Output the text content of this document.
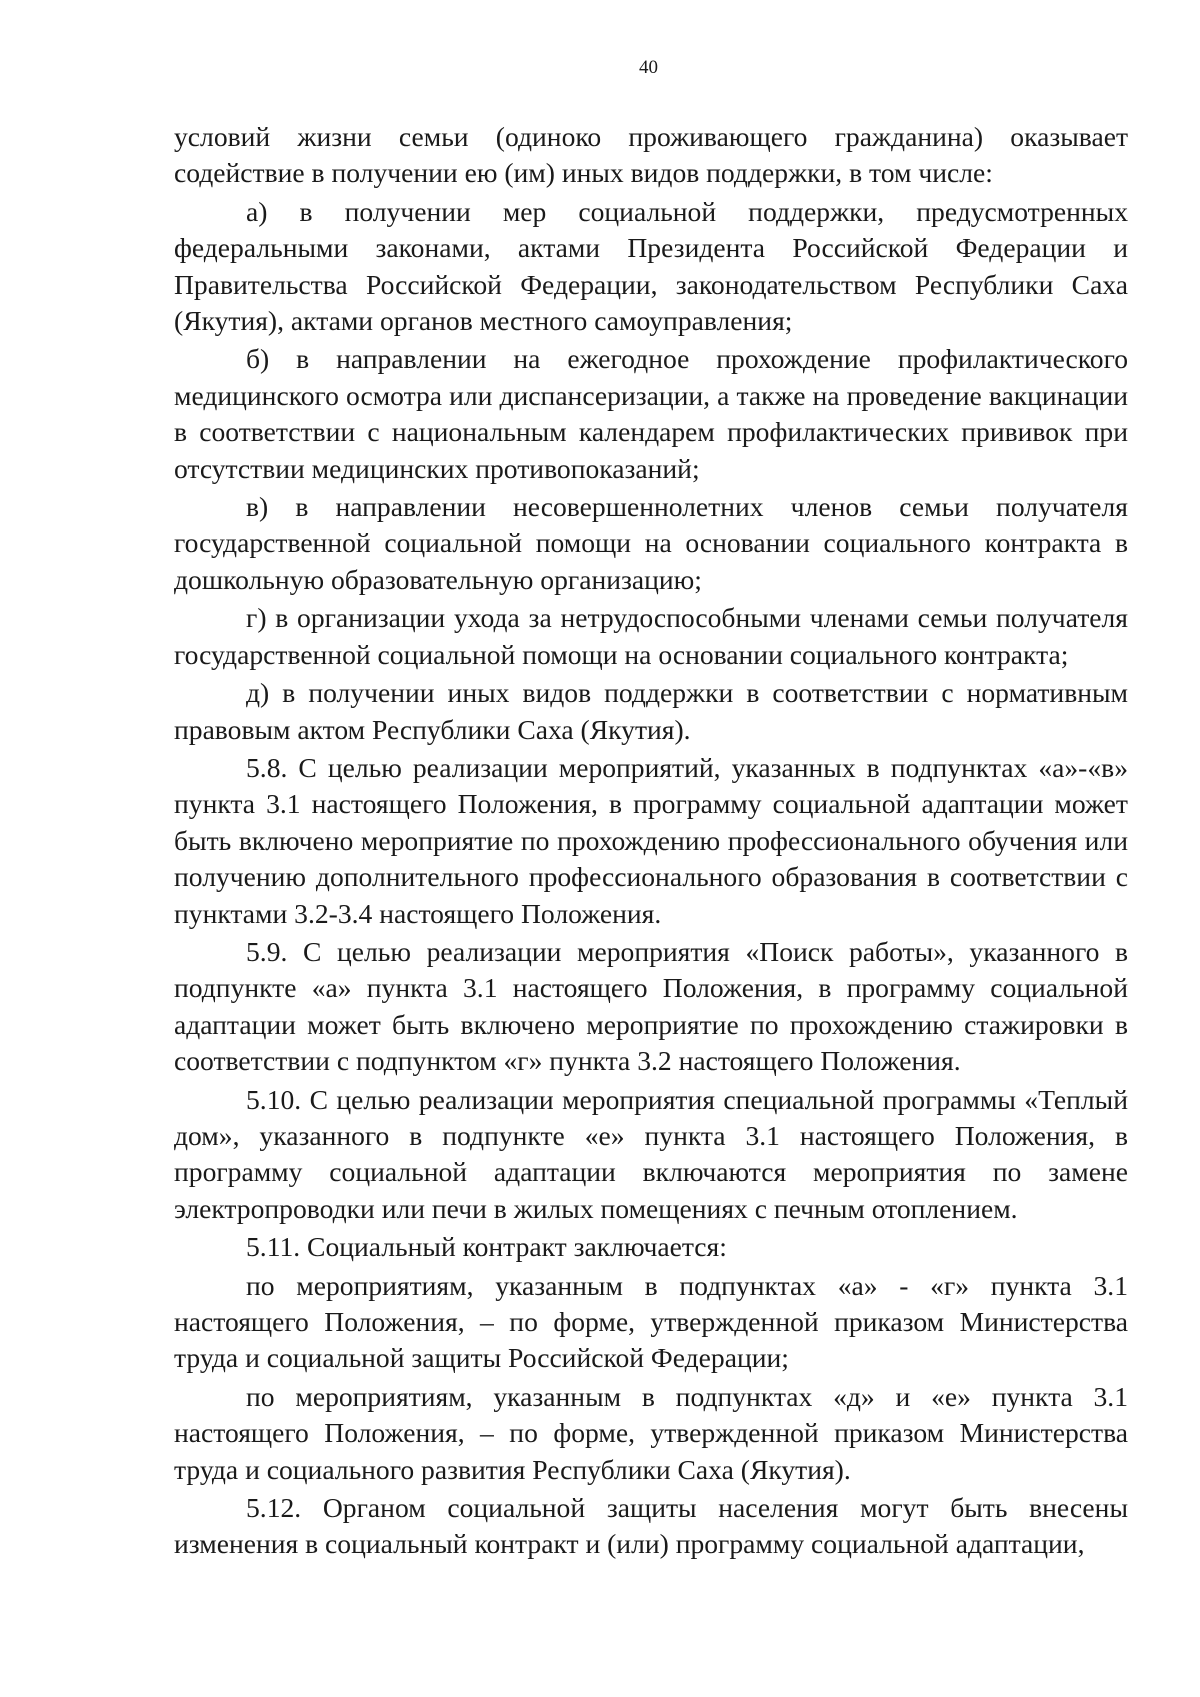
40

условий жизни семьи (одиноко проживающего гражданина) оказывает содействие в получении ею (им) иных видов поддержки, в том числе:

а) в получении мер социальной поддержки, предусмотренных федеральными законами, актами Президента Российской Федерации и Правительства Российской Федерации, законодательством Республики Саха (Якутия), актами органов местного самоуправления;

б) в направлении на ежегодное прохождение профилактического медицинского осмотра или диспансеризации, а также на проведение вакцинации в соответствии с национальным календарем профилактических прививок при отсутствии медицинских противопоказаний;

в) в направлении несовершеннолетних членов семьи получателя государственной социальной помощи на основании социального контракта в дошкольную образовательную организацию;

г) в организации ухода за нетрудоспособными членами семьи получателя государственной социальной помощи на основании социального контракта;

д) в получении иных видов поддержки в соответствии с нормативным правовым актом Республики Саха (Якутия).

5.8. С целью реализации мероприятий, указанных в подпунктах «а»-«в» пункта 3.1 настоящего Положения, в программу социальной адаптации может быть включено мероприятие по прохождению профессионального обучения или получению дополнительного профессионального образования в соответствии с пунктами 3.2-3.4 настоящего Положения.

5.9. С целью реализации мероприятия «Поиск работы», указанного в подпункте «а» пункта 3.1 настоящего Положения, в программу социальной адаптации может быть включено мероприятие по прохождению стажировки в соответствии с подпунктом «г» пункта 3.2 настоящего Положения.

5.10. С целью реализации мероприятия специальной программы «Теплый дом», указанного в подпункте «е» пункта 3.1 настоящего Положения, в программу социальной адаптации включаются мероприятия по замене электропроводки или печи в жилых помещениях с печным отоплением.

5.11. Социальный контракт заключается:

по мероприятиям, указанным в подпунктах «а» - «г» пункта 3.1 настоящего Положения, – по форме, утвержденной приказом Министерства труда и социальной защиты Российской Федерации;

по мероприятиям, указанным в подпунктах «д» и «е» пункта 3.1 настоящего Положения, – по форме, утвержденной приказом Министерства труда и социального развития Республики Саха (Якутия).

5.12. Органом социальной защиты населения могут быть внесены изменения в социальный контракт и (или) программу социальной адаптации,
